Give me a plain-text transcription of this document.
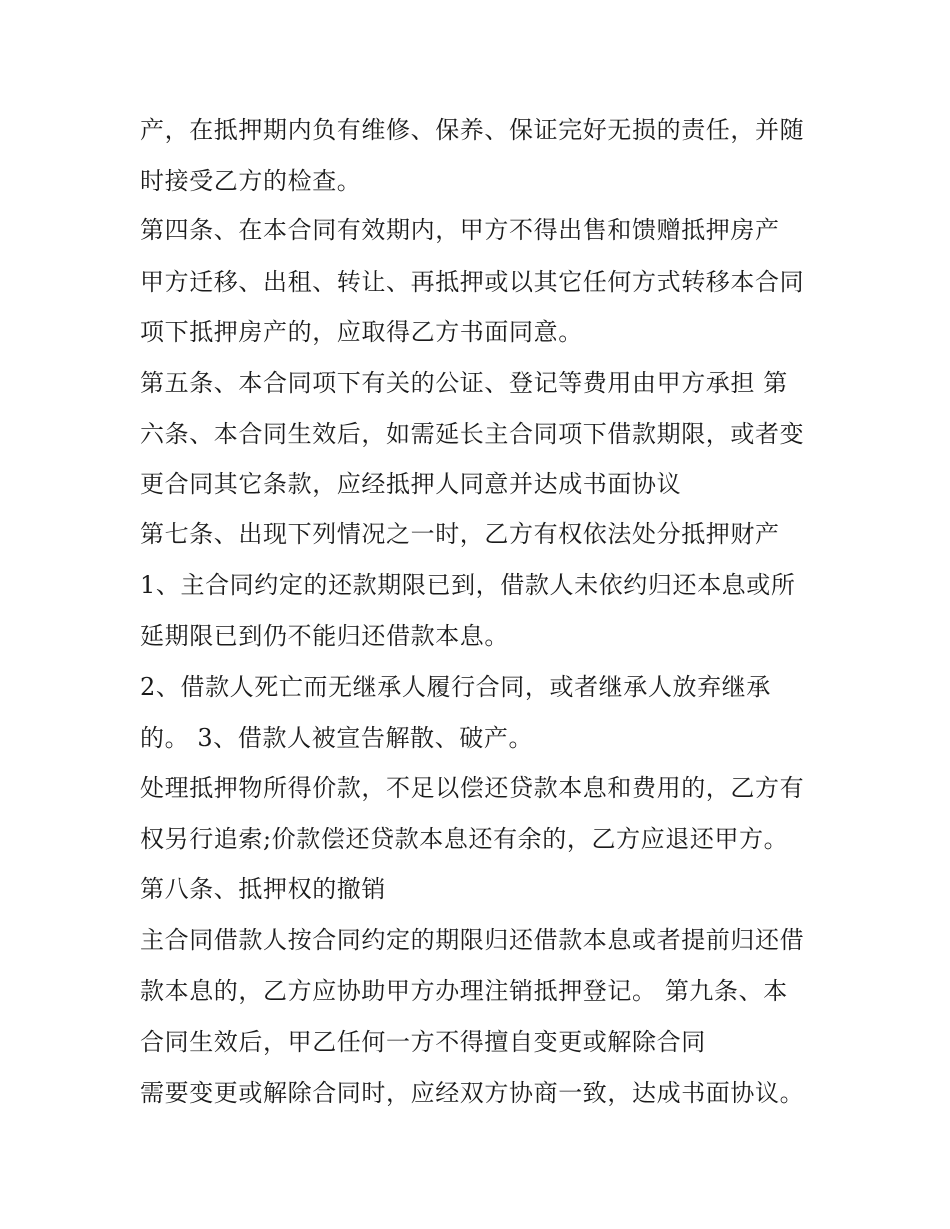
产，在抵押期内负有维修、保养、保证完好无损的责任，并随
时接受乙方的检查。
第四条、在本合同有效期内，甲方不得出售和馈赠抵押房产
甲方迁移、出租、转让、再抵押或以其它任何方式转移本合同
项下抵押房产的，应取得乙方书面同意。
第五条、本合同项下有关的公证、登记等费用由甲方承担 第
六条、本合同生效后，如需延长主合同项下借款期限，或者变
更合同其它条款，应经抵押人同意并达成书面协议
第七条、出现下列情况之一时，乙方有权依法处分抵押财产
1、主合同约定的还款期限已到，借款人未依约归还本息或所
延期限已到仍不能归还借款本息。
2、借款人死亡而无继承人履行合同，或者继承人放弃继承
的。 3、借款人被宣告解散、破产。
处理抵押物所得价款，不足以偿还贷款本息和费用的，乙方有
权另行追索;价款偿还贷款本息还有余的，乙方应退还甲方。
第八条、抵押权的撤销
主合同借款人按合同约定的期限归还借款本息或者提前归还借
款本息的，乙方应协助甲方办理注销抵押登记。 第九条、本
合同生效后，甲乙任何一方不得擅自变更或解除合同
需要变更或解除合同时，应经双方协商一致，达成书面协议。
